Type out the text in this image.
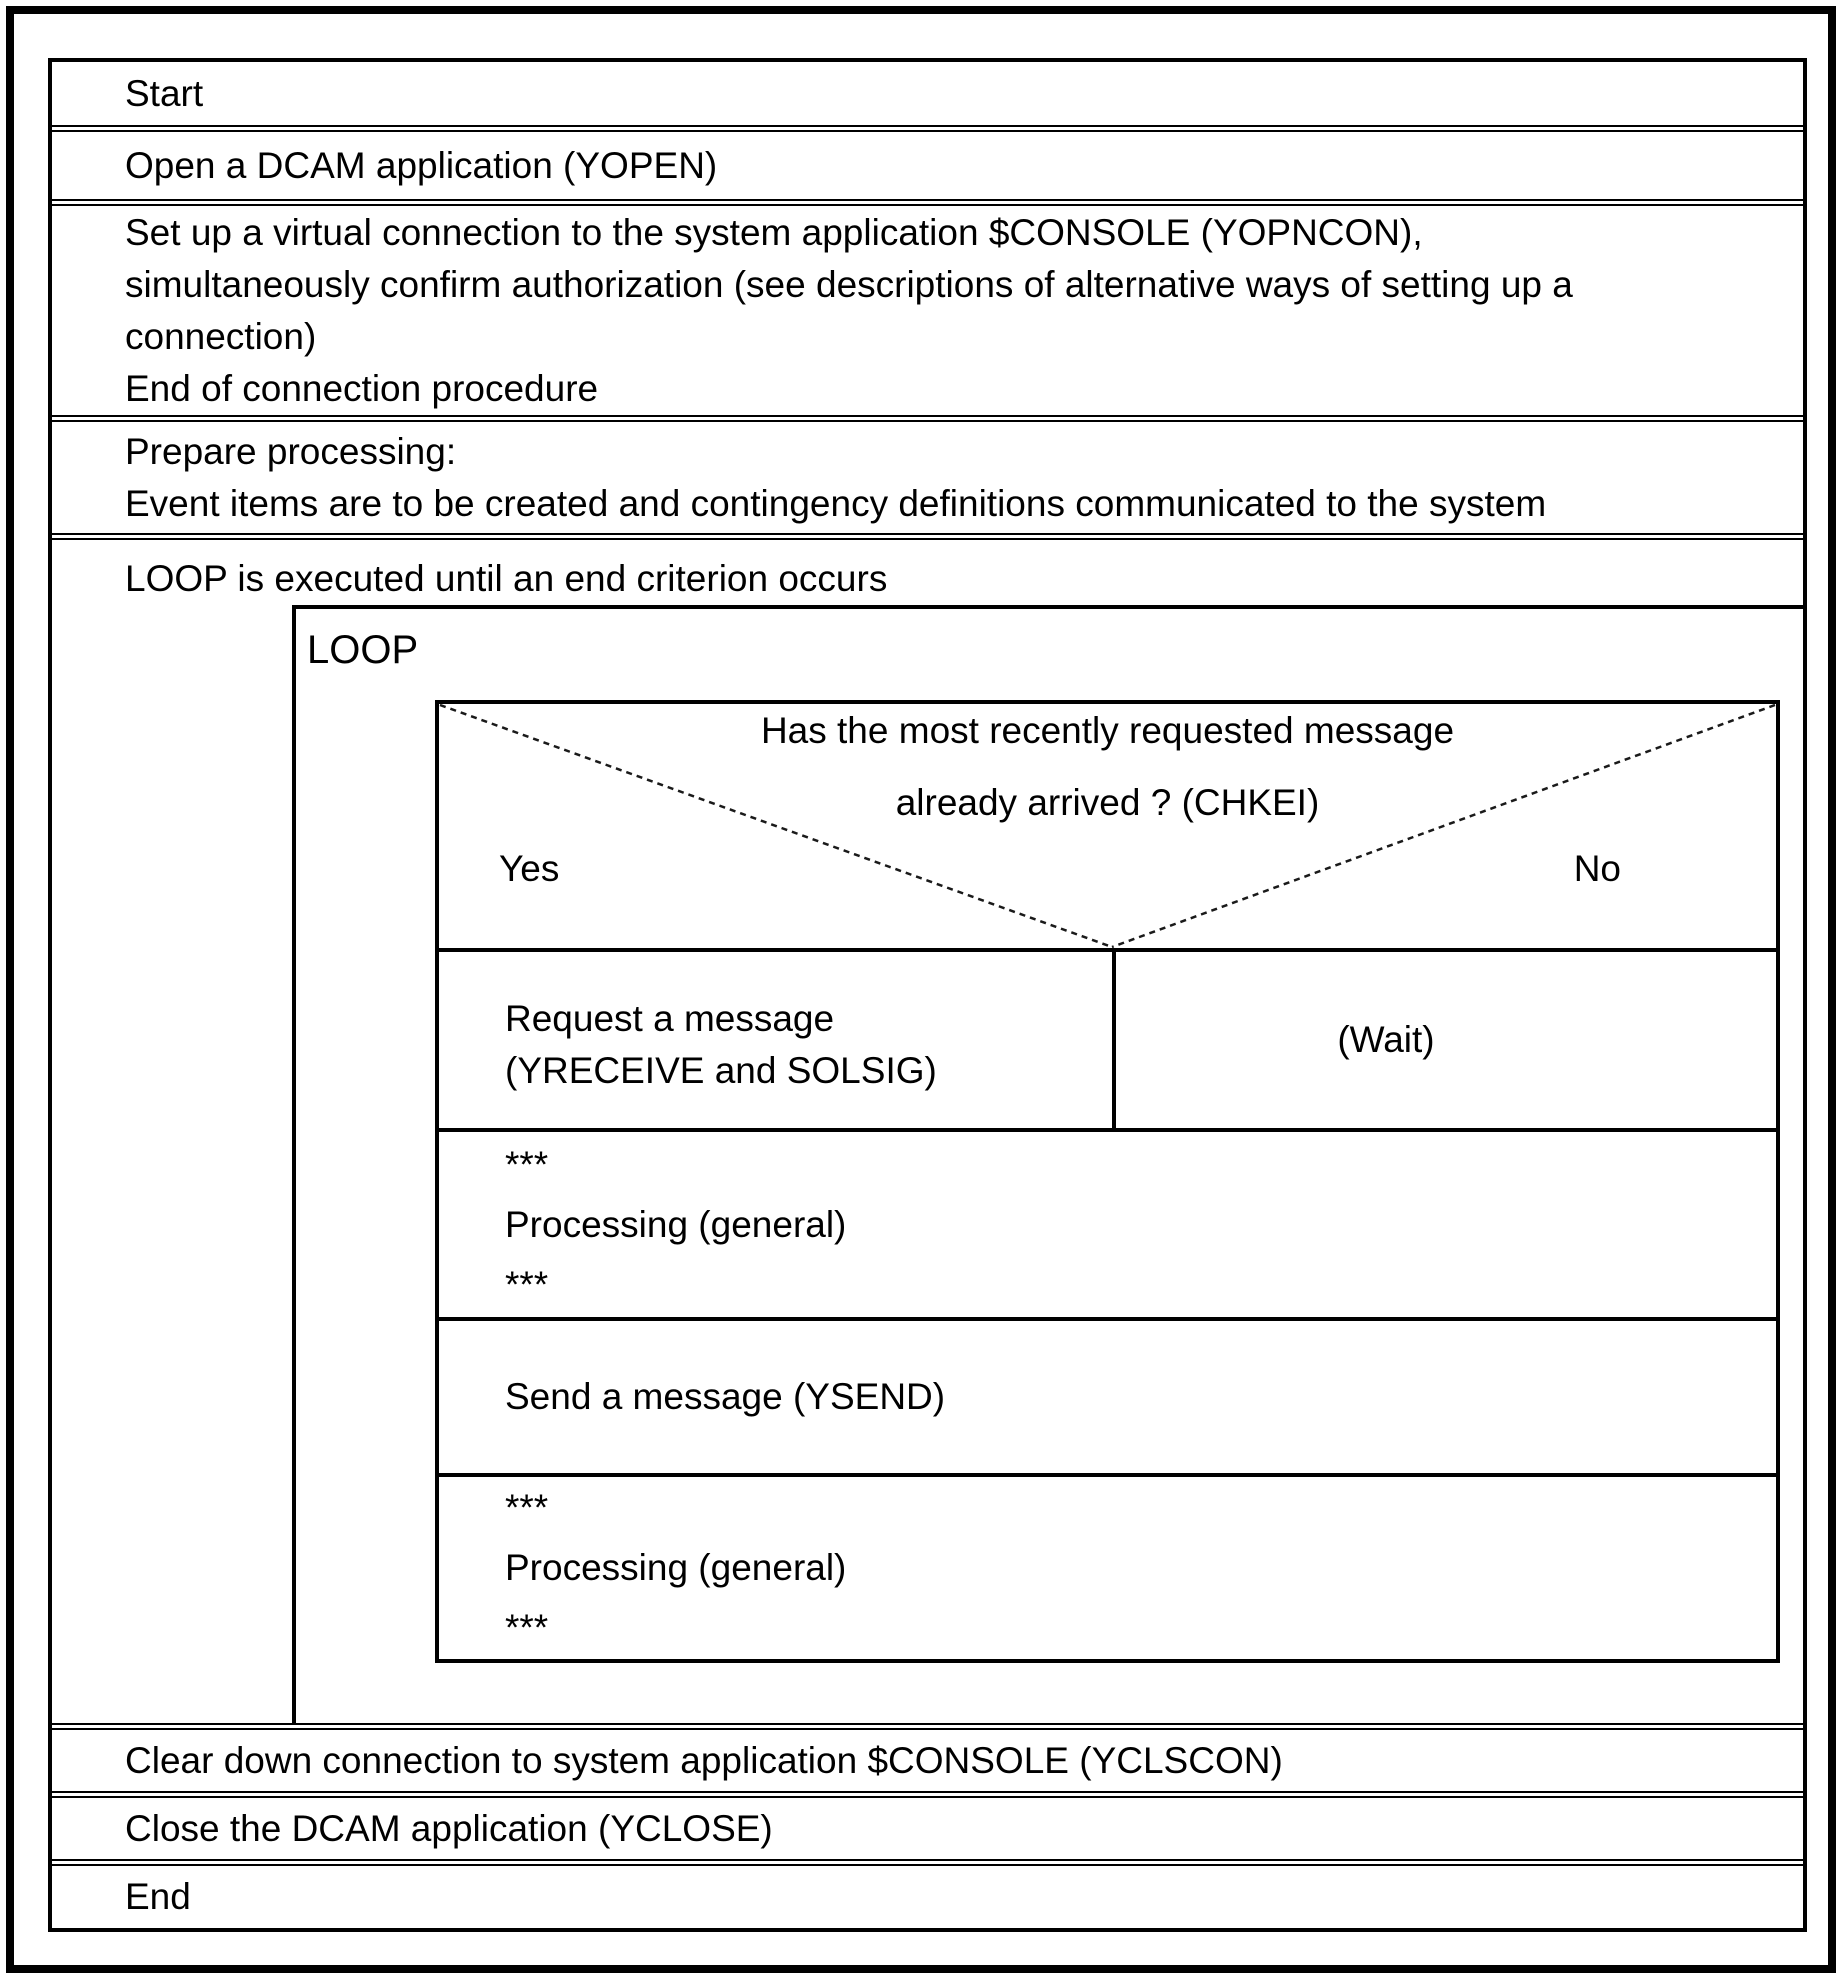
Start
Open a DCAM application (YOPEN)
Set up a virtual connection to the system application $CONSOLE (YOPNCON),
simultaneously confirm authorization (see descriptions of alternative ways of setting up a
connection)
End of connection procedure
Prepare processing:
Event items are to be created and contingency definitions communicated to the system
LOOP is executed until an end criterion occurs
Clear down connection to system application $CONSOLE (YCLSCON)
Close the DCAM application (YCLOSE)
End
LOOP
Has the most recently requested message
already arrived ? (CHKEI)
Yes	No
Request a message
(YRECEIVE and SOLSIG)
(Wait)
***
Processing (general)
***
Send a message (YSEND)
***
Processing (general)
***
